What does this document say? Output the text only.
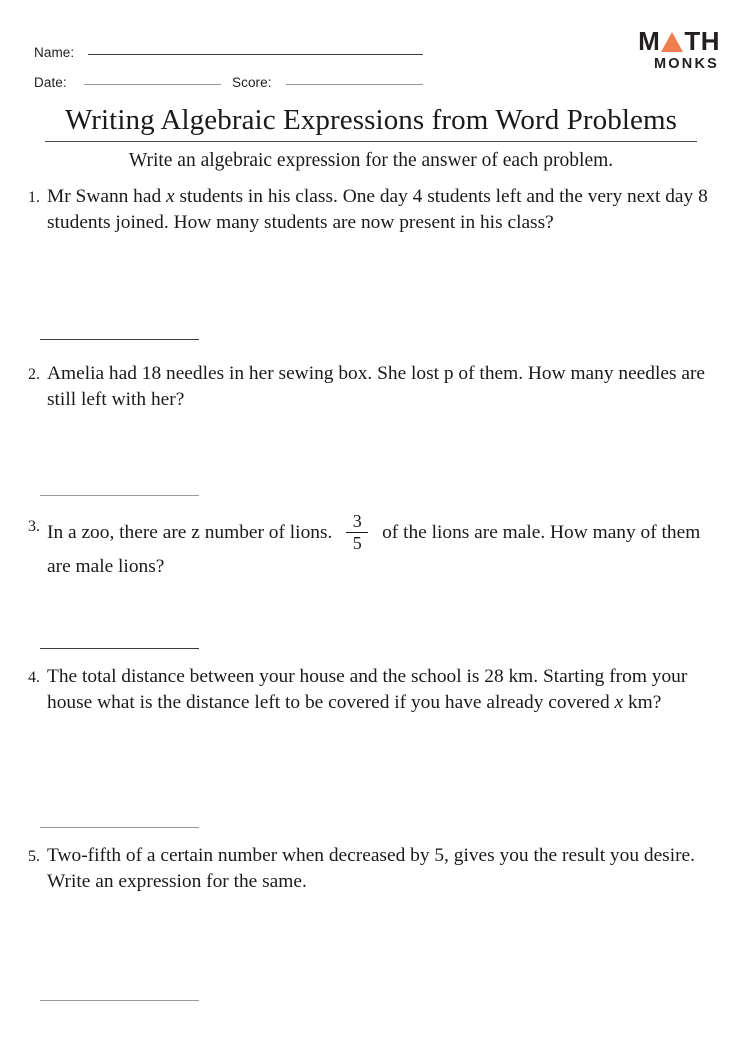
Name:
Date:	Score:
M TH
MONKS
Writing Algebraic Expressions from Word Problems
Write an algebraic expression for the answer of each problem.
1. Mr Swann had x students in his class. One day 4 students left and the very next day 8 students joined. How many students are now present in his class?
2. Amelia had 18 needles in her sewing box. She lost p of them. How many needles are still left with her?
3. In a zoo, there are z number of lions. $\frac{3}{5}$ of the lions are male. How many of them are male lions?
4. The total distance between your house and the school is 28 km. Starting from your house what is the distance left to be covered if you have already covered x km?
5. Two-fifth of a certain number when decreased by 5, gives you the result you desire. Write an expression for the same.
